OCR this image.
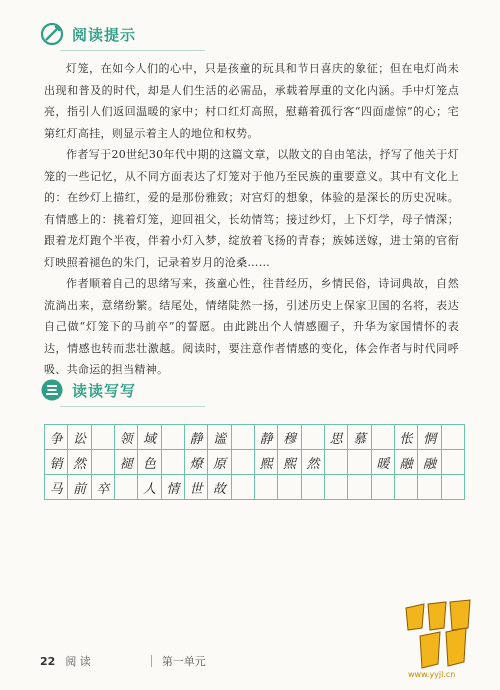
阅读提示

灯笼，在如今人们的心中，只是孩童的玩具和节日喜庆的象征；但在电灯尚未出现和普及的时代，却是人们生活的必需品，承载着厚重的文化内涵。手中灯笼点亮，指引人们返回温暖的家中；村口红灯高照，慰藉着孤行客“四面虚惊”的心；宅第红灯高挂，则显示着主人的地位和权势。

作者写于20世纪30年代中期的这篇文章，以散文的自由笔法，抒写了他关于灯笼的一些记忆，从不同方面表达了灯笼对于他乃至民族的重要意义。其中有文化上的：在纱灯上描红，爱的是那份雅致；对宫灯的想象，体验的是深长的历史况味。有情感上的：挑着灯笼，迎回祖父，长幼情笃；接过纱灯，上下灯学，母子情深；跟着龙灯跑个半夜，伴着小灯入梦，绽放着飞扬的青春；族姊送嫁，进士第的官衔灯映照着褪色的朱门，记录着岁月的沧桑……

作者顺着自己的思绪写来，孩童心性，往昔经历，乡情民俗，诗词典故，自然流淌出来，意绪纷繁。结尾处，情绪陡然一扬，引述历史上保家卫国的名将，表达自己做“灯笼下的马前卒”的誓愿。由此跳出个人情感圈子，升华为家国情怀的表达，情感也转而悲壮激越。阅读时，要注意作者情感的变化，体会作者与时代同呼吸、共命运的担当精神。

读读写写
争 讼	领 域	静 谧	静 穆	思 慕	怅 惘
销 然	褪 色	燎 原	熙 熙 然	暖 融 融
马 前 卒	人 情 世 故
22 阅 读	第一单元
www.yyjl.cn
